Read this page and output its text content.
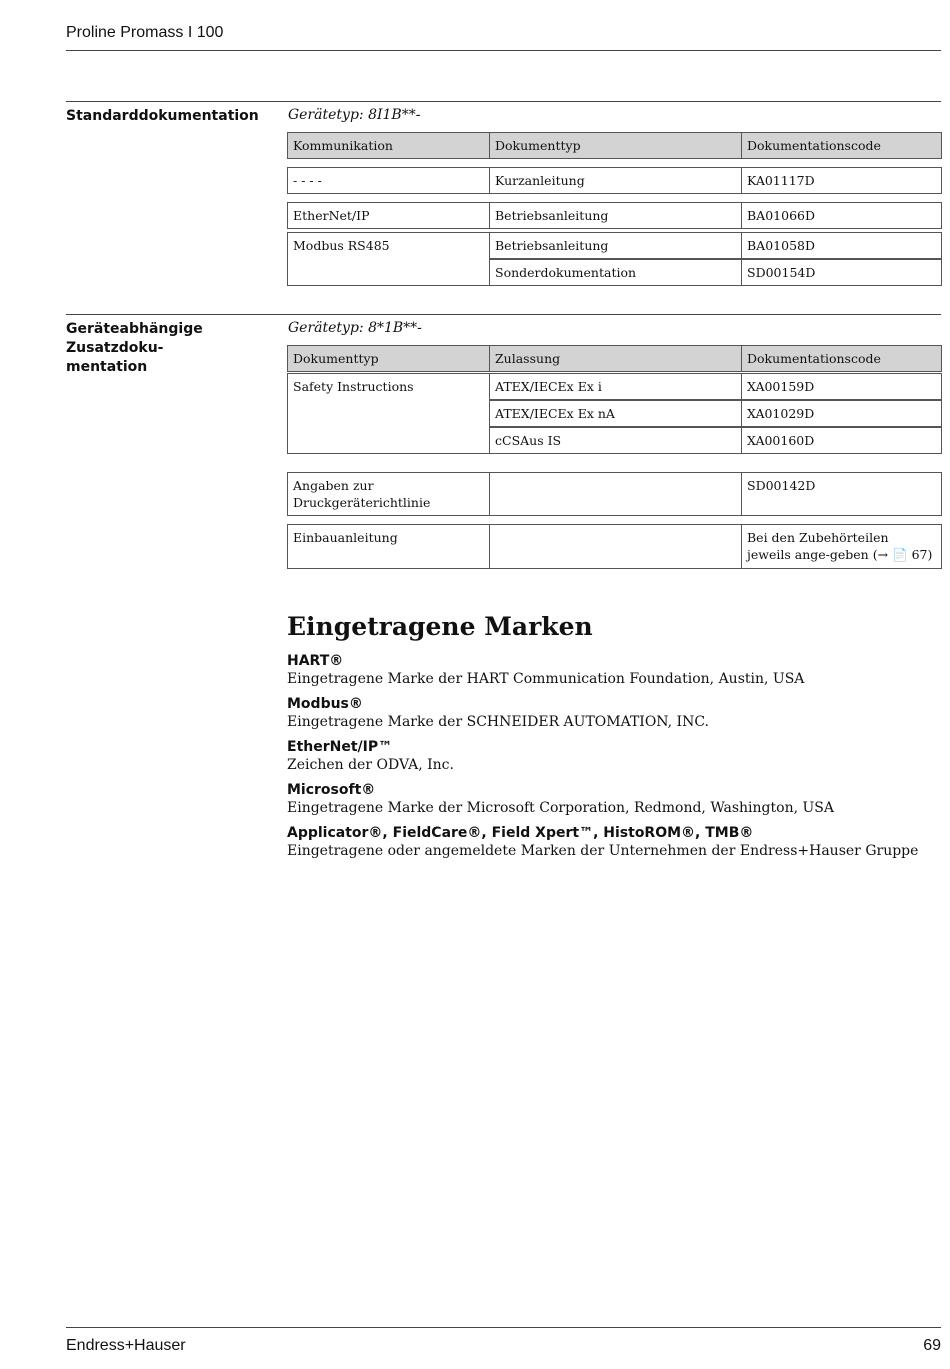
Proline Promass I 100
Standarddokumentation	Gerätetyp: 8I1B**-
Kommunikation	Dokumenttyp	Dokumentationscode
- - - -	Kurzanleitung	KA01117D
EtherNet/IP	Betriebsanleitung	BA01066D
Modbus RS485	Betriebsanleitung	BA01058D
	Sonderdokumentation	SD00154D
Geräteabhängige Zusatzdoku-
mentation
Gerätetyp: 8*1B**-
Dokumenttyp	Zulassung	Dokumentationscode
Safety Instructions	ATEX/IECEx Ex i	XA00159D
	ATEX/IECEx Ex nA	XA01029D
	cCSAus IS	XA00160D
Angaben zur Druckgeräterichtlinie		SD00142D
Einbauanleitung		Bei den Zubehörteilen jeweils ange-geben (→ 📄 67)
Eingetragene Marken
HART®
Eingetragene Marke der HART Communication Foundation, Austin, USA
Modbus®
Eingetragene Marke der SCHNEIDER AUTOMATION, INC.
EtherNet/IP™
Zeichen der ODVA, Inc.
Microsoft®
Eingetragene Marke der Microsoft Corporation, Redmond, Washington, USA
Applicator®, FieldCare®, Field Xpert™, HistoROM®, TMB®
Eingetragene oder angemeldete Marken der Unternehmen der Endress+Hauser Gruppe
Endress+Hauser	69
